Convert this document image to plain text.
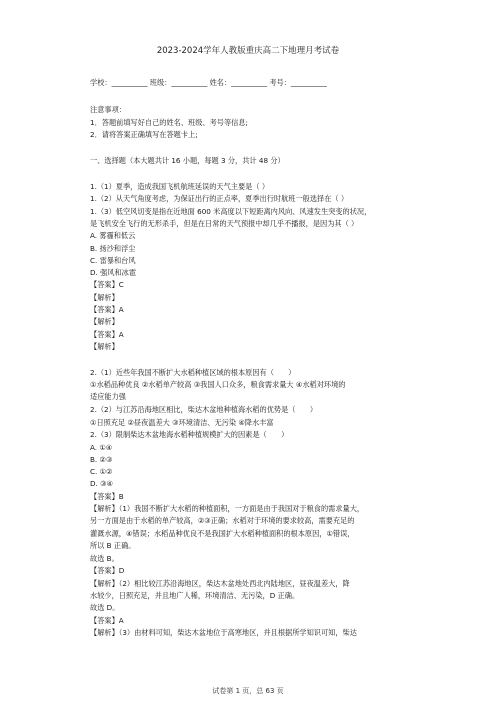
2023-2024学年人教版重庆高二下地理月考试卷
学校：__________ 班级：__________ 姓名：__________ 考号：__________
注意事项：
1．答题前填写好自己的姓名、班级、考号等信息;
2．请将答案正确填写在答题卡上;
一、选择题（本大题共计 16 小题，每题 3 分，共计 48 分）
1.（1）夏季，造成我国飞机航班延误的天气主要是（ ）
1.（2）从天气角度考虑，为保证出行的正点率，夏季出行时航班一般选择在（ ）
1.（3）低空风切变是指在近地面 600 米高度以下短距离内风向、风速发生突变的状况，
是飞机安全飞行的无形杀手，但是在日常的天气预报中却几乎不播报，是因为其（ ）
A. 雾霾和低云
B. 扬沙和浮尘
C. 雷暴和台风
D. 强风和冰雹
【答案】C
【解析】
【答案】A
【解析】
【答案】A
【解析】
2.（1）近些年我国不断扩大水稻种植区域的根本原因有（　　）
①水稻品种优良 ②水稻单产较高 ③我国人口众多，粮食需求量大 ④水稻对环境的
适应能力强
2.（2）与江苏沿海地区相比，柴达木盆地种植海水稻的优势是（　　）
①日照充足 ②昼夜温差大 ③环境清洁、无污染 ④降水丰富
2.（3）限制柴达木盆地海水稻种植规模扩大的因素是（　　）
A. ①④
B. ②③
C. ①②
D. ③④
【答案】B
【解析】（1）我国不断扩大水稻的种植面积，一方面是由于我国对于粮食的需求量大，
另一方面是由于水稻的单产较高，②③正确；水稻对于环境的要求较高，需要充足的
灌溉水源，④错误；水稻品种优良不是我国扩大水稻种植面积的根本原因，①错误，
所以 B 正确。
故选 B。
【答案】D
【解析】（2）相比较江苏沿海地区，柴达木盆地处西北内陆地区，昼夜温差大，降
水较少，日照充足，并且地广人稀，环境清洁、无污染，D 正确。
故选 D。
【答案】A
【解析】（3）由材料可知，柴达木盆地位于高寒地区，并且根据所学知识可知，柴达
试卷第 1 页，总 63 页
